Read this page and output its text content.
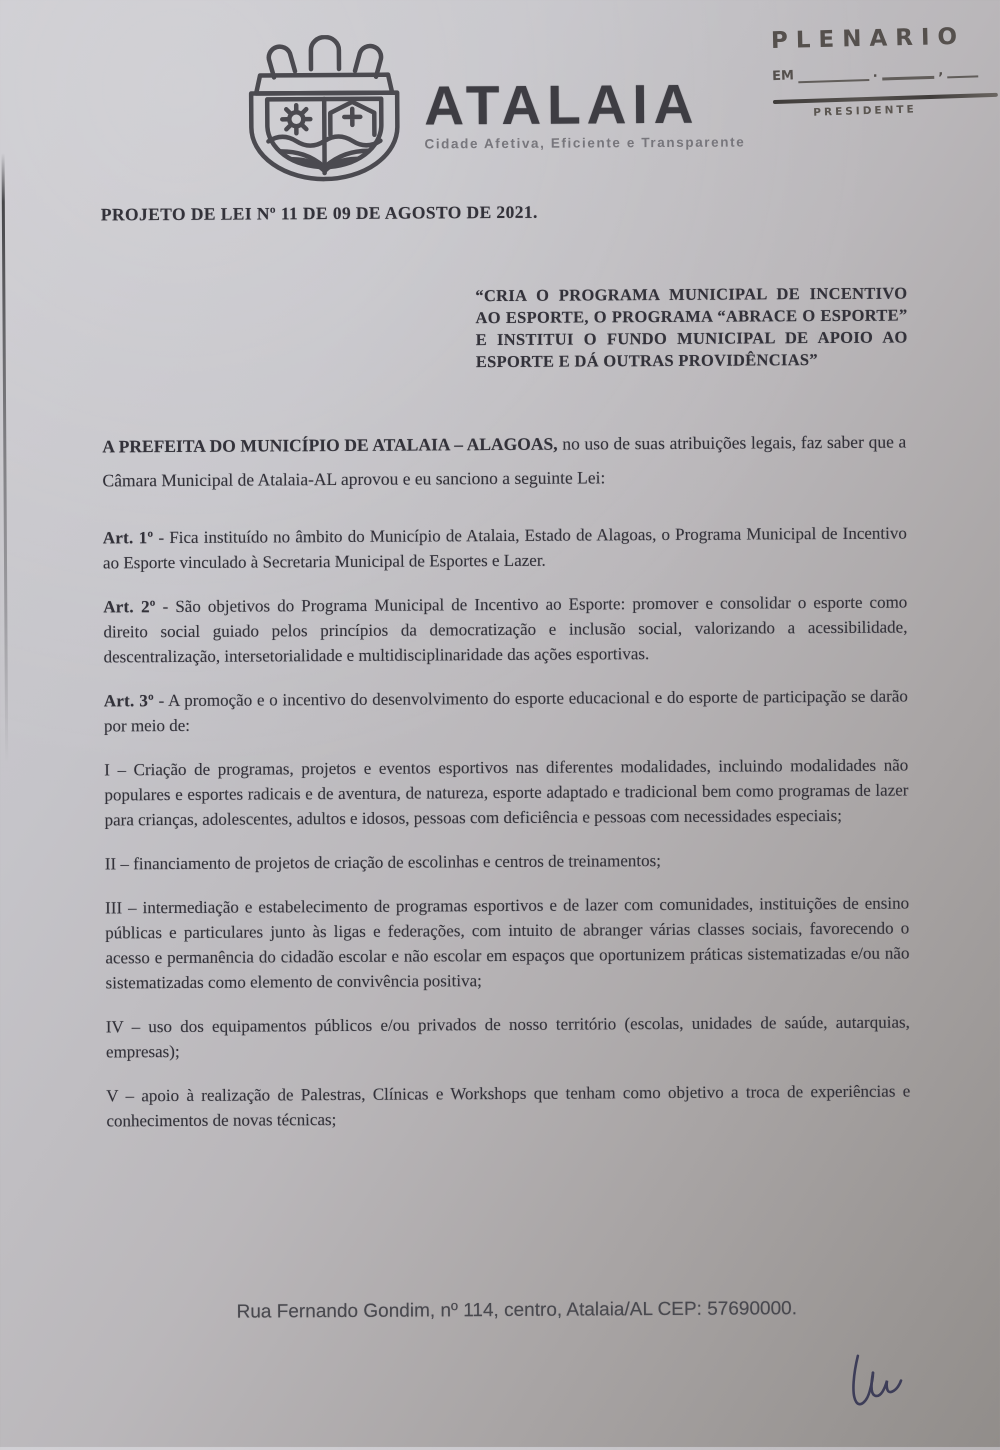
ATALAIA
Cidade Afetiva, Eficiente e Transparente
PLENARIO
EM	.	,
PRESIDENTE
PROJETO DE LEI Nº 11 DE 09 DE AGOSTO DE 2021.
“CRIA O PROGRAMA MUNICIPAL DE INCENTIVO AO ESPORTE, O PROGRAMA “ABRACE O ESPORTE” E INSTITUI O FUNDO MUNICIPAL DE APOIO AO ESPORTE E DÁ OUTRAS PROVIDÊNCIAS”

A PREFEITA DO MUNICÍPIO DE ATALAIA – ALAGOAS, no uso de suas atribuições legais, faz saber que a Câmara Municipal de Atalaia-AL aprovou e eu sanciono a seguinte Lei:

Art. 1º - Fica instituído no âmbito do Município de Atalaia, Estado de Alagoas, o Programa Municipal de Incentivo ao Esporte vinculado à Secretaria Municipal de Esportes e Lazer.

Art. 2º - São objetivos do Programa Municipal de Incentivo ao Esporte: promover e consolidar o esporte como direito social guiado pelos princípios da democratização e inclusão social, valorizando a acessibilidade, descentralização, intersetorialidade e multidisciplinaridade das ações esportivas.

Art. 3º - A promoção e o incentivo do desenvolvimento do esporte educacional e do esporte de participação se darão por meio de:

I – Criação de programas, projetos e eventos esportivos nas diferentes modalidades, incluindo modalidades não populares e esportes radicais e de aventura, de natureza, esporte adaptado e tradicional bem como programas de lazer para crianças, adolescentes, adultos e idosos, pessoas com deficiência e pessoas com necessidades especiais;

II – financiamento de projetos de criação de escolinhas e centros de treinamentos;

III – intermediação e estabelecimento de programas esportivos e de lazer com comunidades, instituições de ensino públicas e particulares junto às ligas e federações, com intuito de abranger várias classes sociais, favorecendo o acesso e permanência do cidadão escolar e não escolar em espaços que oportunizem práticas sistematizadas e/ou não sistematizadas como elemento de convivência positiva;

IV – uso dos equipamentos públicos e/ou privados de nosso território (escolas, unidades de saúde, autarquias, empresas);

V – apoio à realização de Palestras, Clínicas e Workshops que tenham como objetivo a troca de experiências e conhecimentos de novas técnicas;

Rua Fernando Gondim, nº 114, centro, Atalaia/AL CEP: 57690000.
